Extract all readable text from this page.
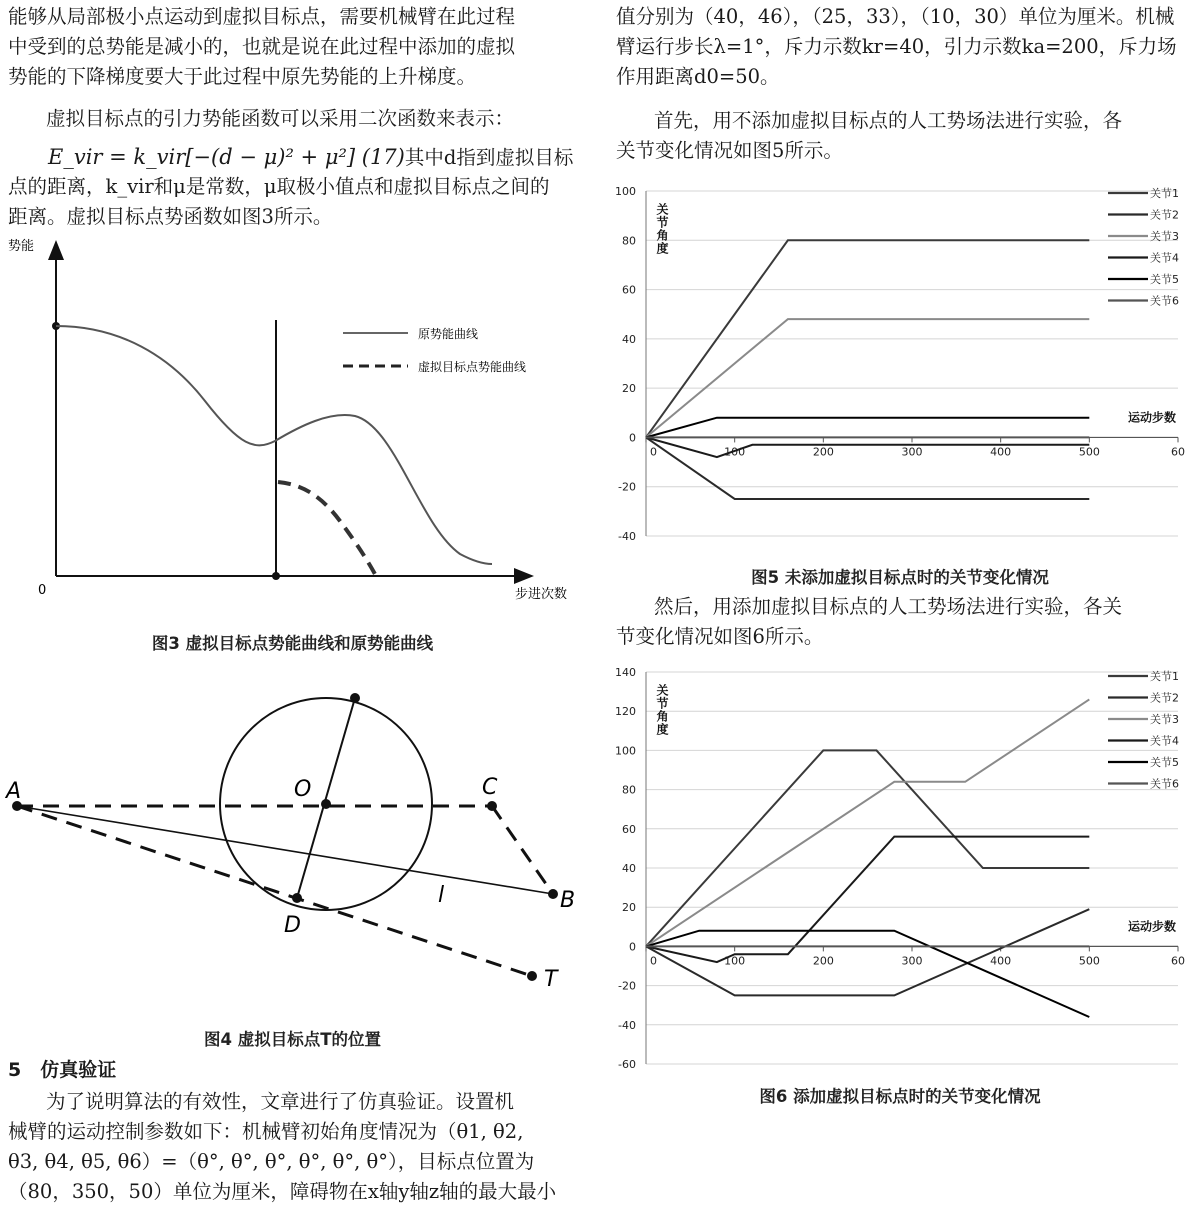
能够从局部极小点运动到虚拟目标点，需要机械臂在此过程
中受到的总势能是减小的，也就是说在此过程中添加的虚拟
势能的下降梯度要大于此过程中原先势能的上升梯度。
虚拟目标点的引力势能函数可以采用二次函数来表示：
E_vir = k_vir[−(d − μ)² + μ²] (17)其中d指到虚拟目标
点的距离，k_vir和μ是常数，μ取极小值点和虚拟目标点之间的
距离。虚拟目标点势函数如图3所示。
势能
步进次数
0
原势能曲线
虚拟目标点势能曲线
图3 虚拟目标点势能曲线和原势能曲线
A	O	C
B
D
T
l
图4 虚拟目标点T的位置
5　仿真验证
为了说明算法的有效性，文章进行了仿真验证。设置机
械臂的运动控制参数如下：机械臂初始角度情况为（θ1, θ2,
θ3, θ4, θ5, θ6）=（θ°, θ°, θ°, θ°, θ°, θ°），目标点位置为
（80，350，50）单位为厘米，障碍物在x轴y轴z轴的最大最小
值分别为（40，46），（25，33），（10，30）单位为厘米。机械
臂运行步长λ=1°，斥力示数kr=40，引力示数ka=200，斥力场
作用距离d0=50。
首先，用不添加虚拟目标点的人工势场法进行实验，各
关节变化情况如图5所示。
100
80
60
40
20
0
-20
-40
0	100	200	300	400	500	60
关节角度
运动步数
关节1
关节2
关节3
关节4
关节5
关节6
图5 未添加虚拟目标点时的关节变化情况
然后，用添加虚拟目标点的人工势场法进行实验，各关
节变化情况如图6所示。
140
120
100
80
60
40
20
0
-20
-40
-60
0	100	200	300	400	500	60
关节角度
运动步数
关节1
关节2
关节3
关节4
关节5
关节6
图6 添加虚拟目标点时的关节变化情况
